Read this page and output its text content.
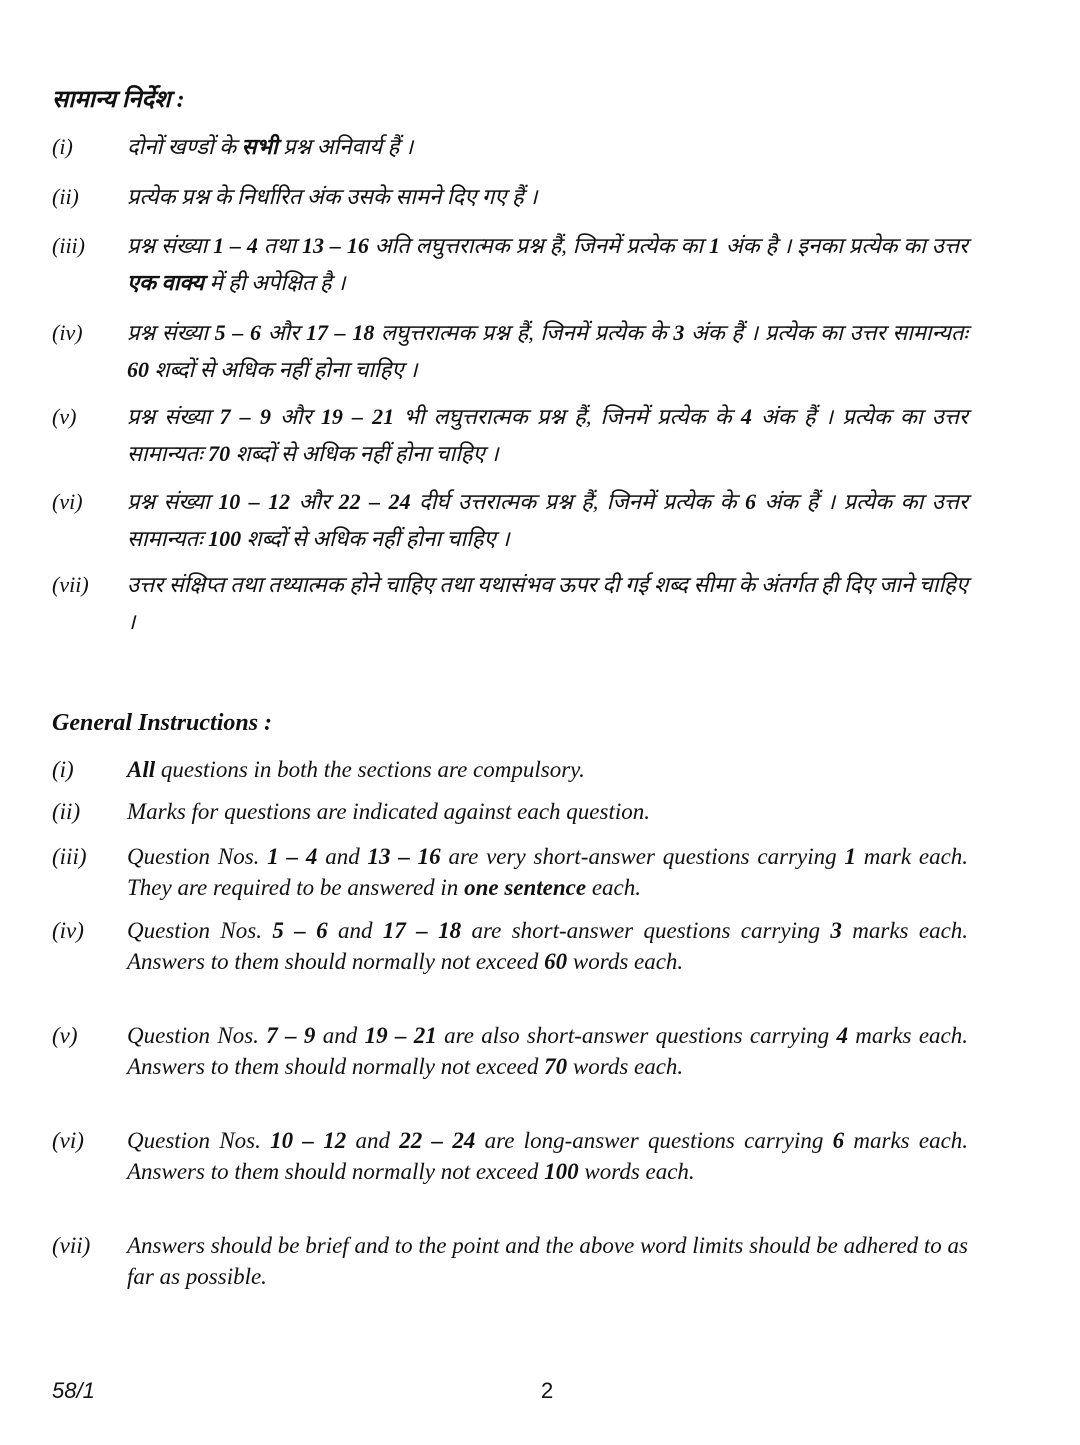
सामान्य निर्देश :
(i) दोनों खण्डों के सभी प्रश्न अनिवार्य हैं ।
(ii) प्रत्येक प्रश्न के निर्धारित अंक उसके सामने दिए गए हैं ।
(iii) प्रश्न संख्या 1 – 4 तथा 13 – 16 अति लघुत्तरात्मक प्रश्न हैं, जिनमें प्रत्येक का 1 अंक है । इनका प्रत्येक का उत्तर एक वाक्य में ही अपेक्षित है ।
(iv) प्रश्न संख्या 5 – 6 और 17 – 18 लघुत्तरात्मक प्रश्न हैं, जिनमें प्रत्येक के 3 अंक हैं । प्रत्येक का उत्तर सामान्यतः 60 शब्दों से अधिक नहीं होना चाहिए ।
(v) प्रश्न संख्या 7 – 9 और 19 – 21 भी लघुत्तरात्मक प्रश्न हैं, जिनमें प्रत्येक के 4 अंक हैं । प्रत्येक का उत्तर सामान्यतः 70 शब्दों से अधिक नहीं होना चाहिए ।
(vi) प्रश्न संख्या 10 – 12 और 22 – 24 दीर्घ उत्तरात्मक प्रश्न हैं, जिनमें प्रत्येक के 6 अंक हैं । प्रत्येक का उत्तर सामान्यतः 100 शब्दों से अधिक नहीं होना चाहिए ।
(vii) उत्तर संक्षिप्त तथा तथ्यात्मक होने चाहिए तथा यथासंभव ऊपर दी गई शब्द सीमा के अंतर्गत ही दिए जाने चाहिए ।
General Instructions :
(i) All questions in both the sections are compulsory.
(ii) Marks for questions are indicated against each question.
(iii) Question Nos. 1 – 4 and 13 – 16 are very short-answer questions carrying 1 mark each. They are required to be answered in one sentence each.
(iv) Question Nos. 5 – 6 and 17 – 18 are short-answer questions carrying 3 marks each. Answers to them should normally not exceed 60 words each.
(v) Question Nos. 7 – 9 and 19 – 21 are also short-answer questions carrying 4 marks each. Answers to them should normally not exceed 70 words each.
(vi) Question Nos. 10 – 12 and 22 – 24 are long-answer questions carrying 6 marks each. Answers to them should normally not exceed 100 words each.
(vii) Answers should be brief and to the point and the above word limits should be adhered to as far as possible.
58/1	2
